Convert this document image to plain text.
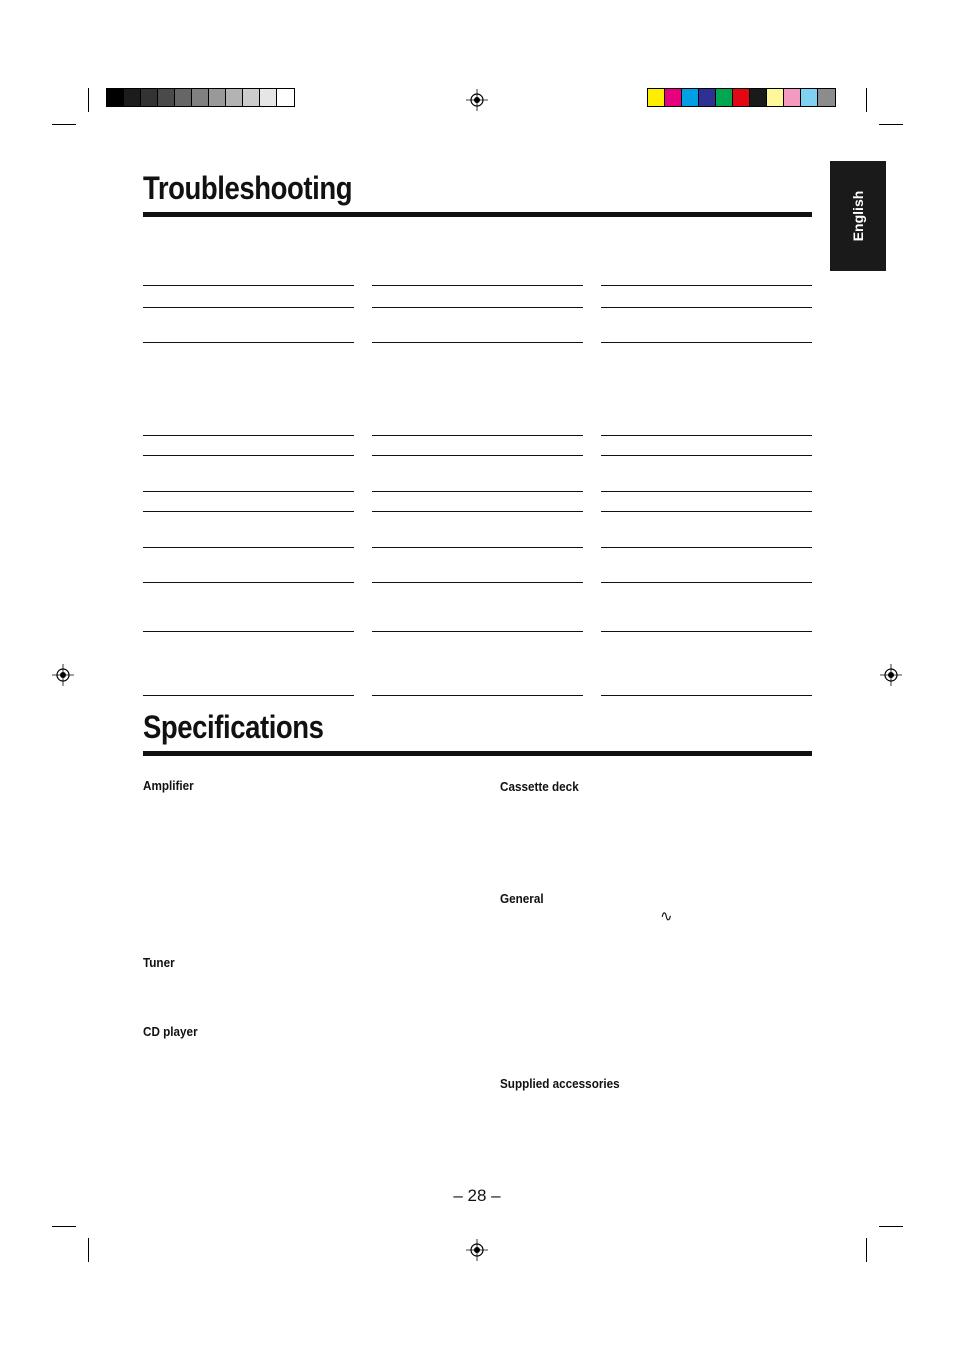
English
Troubleshooting
Specifications
Amplifier
Tuner
CD player
Cassette deck
General
∿
Supplied accessories
– 28 –
